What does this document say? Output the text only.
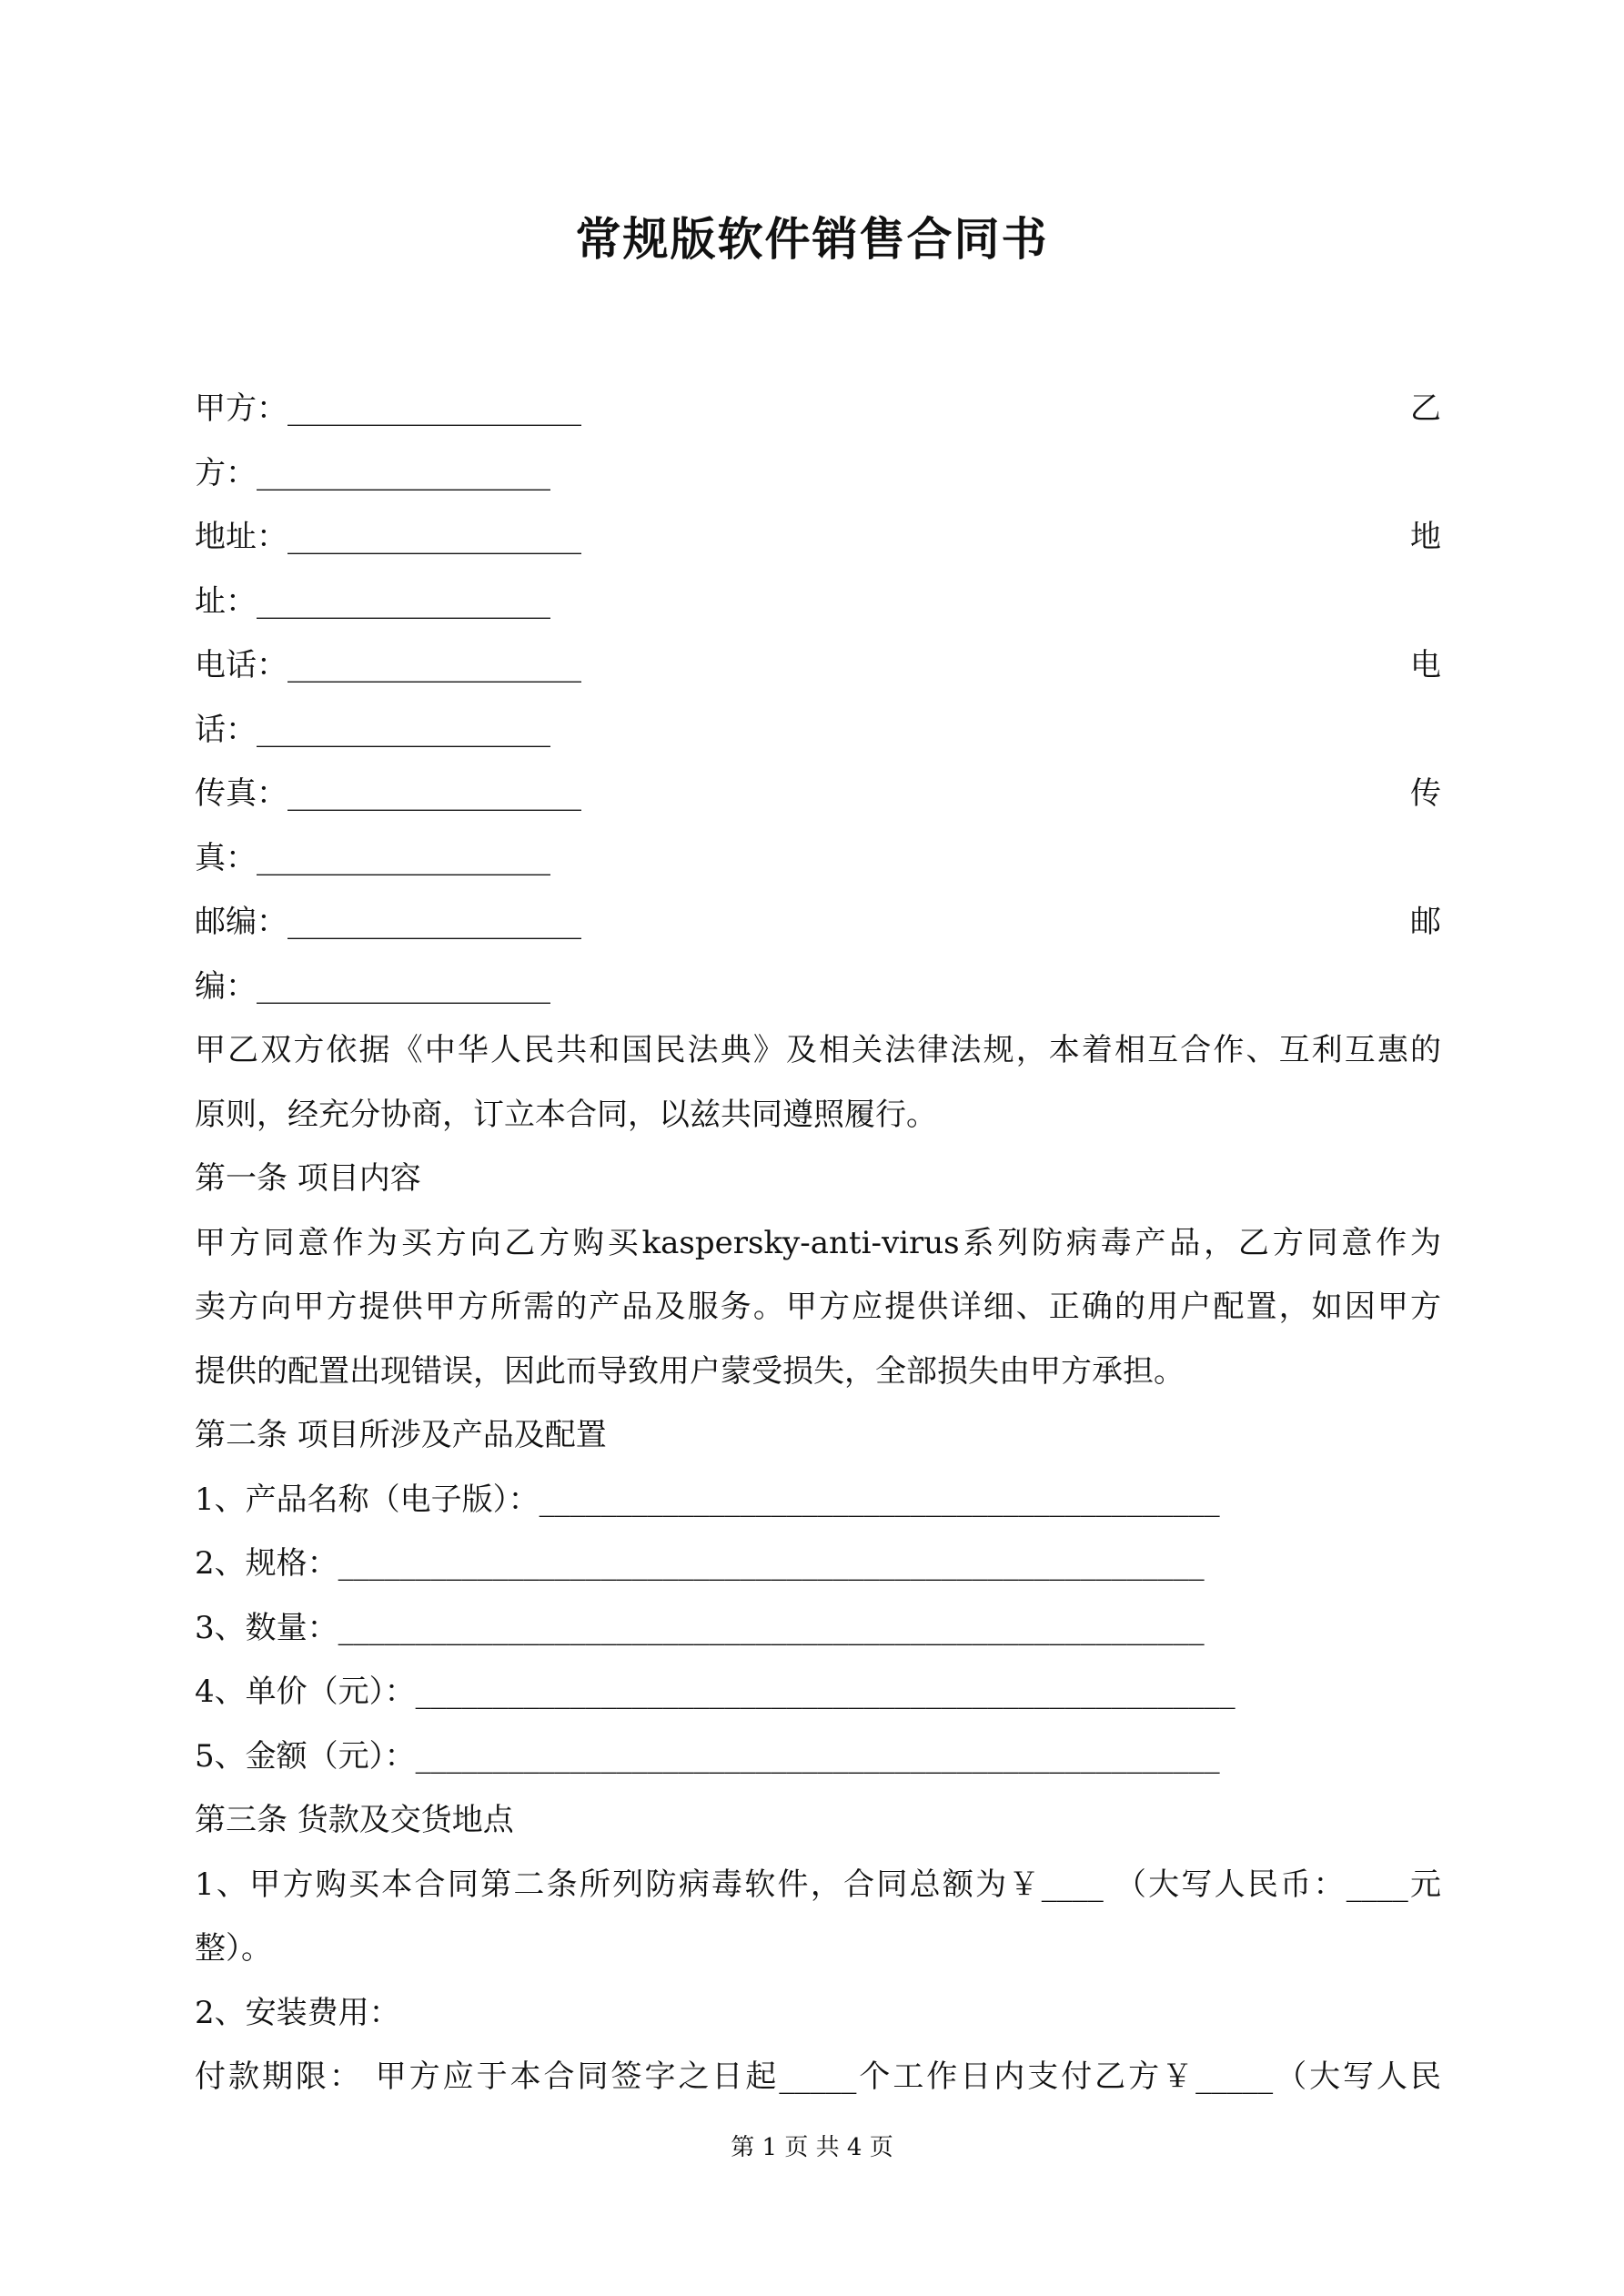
常规版软件销售合同书
甲方：___________________	乙
方：___________________
地址：___________________	地
址：___________________
电话：___________________	电
话：___________________
传真：___________________	传
真：___________________
邮编：___________________	邮
编：___________________
甲乙双方依据《中华人民共和国民法典》及相关法律法规，本着相互合作、互利互惠的
原则，经充分协商，订立本合同，以兹共同遵照履行。
第一条 项目内容
甲方同意作为买方向乙方购买kaspersky-anti-virus系列防病毒产品，乙方同意作为
卖方向甲方提供甲方所需的产品及服务。甲方应提供详细、正确的用户配置，如因甲方
提供的配置出现错误，因此而导致用户蒙受损失，全部损失由甲方承担。
第二条 项目所涉及产品及配置
1、产品名称（电子版）：____________________________________________
2、规格：________________________________________________________
3、数量：________________________________________________________
4、单价（元）：_____________________________________________________
5、金额（元）：____________________________________________________
第三条 货款及交货地点
1、甲方购买本合同第二条所列防病毒软件，合同总额为￥____ （大写人民币：____元
整）。
2、安装费用：
付款期限： 甲方应于本合同签字之日起_____个工作日内支付乙方￥_____（大写人民
第 1 页 共 4 页
